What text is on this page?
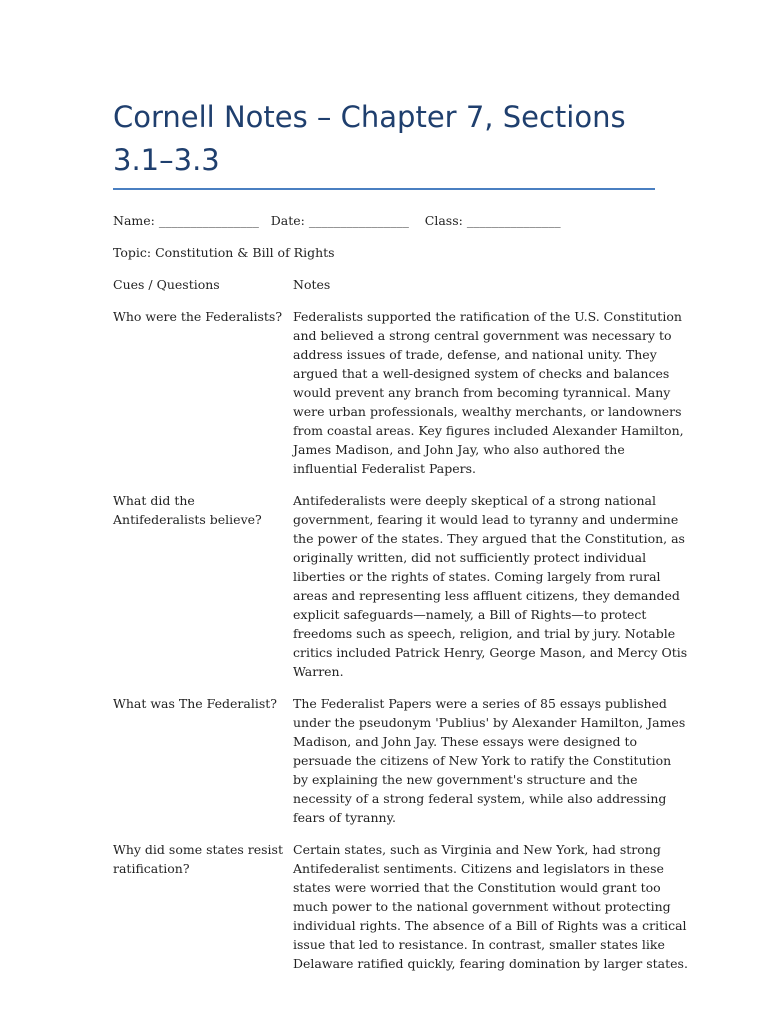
Cornell Notes – Chapter 7, Sections 3.1–3.3
Name: ________________ Date: ________________ Class: _______________
Topic: Constitution & Bill of Rights
Cues / Questions	Notes
Who were the Federalists? Federalists supported the ratification of the U.S. Constitution and believed a strong central government was necessary to address issues of trade, defense, and national unity. They argued that a well-designed system of checks and balances would prevent any branch from becoming tyrannical. Many were urban professionals, wealthy merchants, or landowners from coastal areas. Key figures included Alexander Hamilton, James Madison, and John Jay, who also authored the influential Federalist Papers.
What did the Antifederalists believe?
Antifederalists were deeply skeptical of a strong national government, fearing it would lead to tyranny and undermine the power of the states. They argued that the Constitution, as originally written, did not sufficiently protect individual liberties or the rights of states. Coming largely from rural areas and representing less affluent citizens, they demanded explicit safeguards—namely, a Bill of Rights—to protect freedoms such as speech, religion, and trial by jury. Notable critics included Patrick Henry, George Mason, and Mercy Otis Warren.
What was The Federalist?	The Federalist Papers were a series of 85 essays published under the pseudonym 'Publius' by Alexander Hamilton, James Madison, and John Jay. These essays were designed to persuade the citizens of New York to ratify the Constitution by explaining the new government's structure and the necessity of a strong federal system, while also addressing fears of tyranny.
Why did some states resist ratification?
Certain states, such as Virginia and New York, had strong Antifederalist sentiments. Citizens and legislators in these states were worried that the Constitution would grant too much power to the national government without protecting individual rights. The absence of a Bill of Rights was a critical issue that led to resistance. In contrast, smaller states like Delaware ratified quickly, fearing domination by larger states.
